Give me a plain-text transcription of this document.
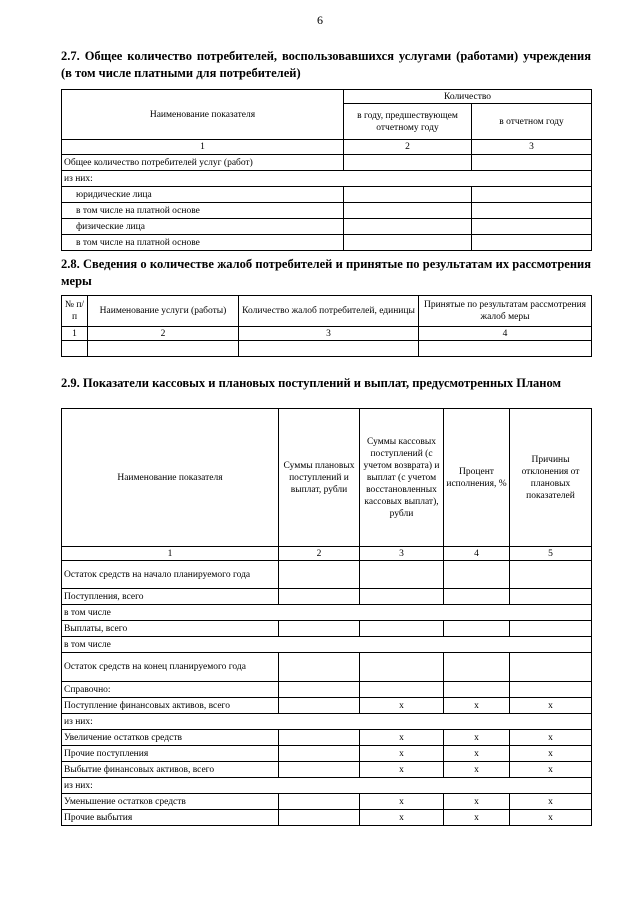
6
2.7. Общее количество потребителей, воспользовавшихся услугами (работами) учреждения (в том числе платными для потребителей)
Наименование показателя	Количество	
	в году, предшествующем отчетному году	в отчетном году
1	2	3
Общее количество потребителей услуг (работ)		
из них:		
юридические лица		
в том числе на платной основе		
физические лица		
в том числе на платной основе		
2.8. Сведения о количестве жалоб потребителей и принятые по результатам их рассмотрения меры
№ п/п	Наименование услуги (работы)	Количество жалоб потребителей, единицы	Принятые по результатам рассмотрения жалоб меры
1	2	3	4

2.9. Показатели кассовых и плановых поступлений и выплат, предусмотренных Планом
Наименование показателя	Суммы плановых поступлений и выплат, рубли	Суммы кассовых поступлений (с учетом возврата) и выплат (с учетом восстановленных кассовых выплат), рубли	Процент исполнения, %	Причины отклонения от плановых показателей
1	2	3	4	5
Остаток средств на начало планируемого года				
Поступления, всего				
в том числе				
Выплаты, всего				
в том числе				
Остаток средств на конец планируемого года				
Справочно:				
Поступление финансовых активов, всего		x	x	x
из них:				
Увеличение остатков средств		x	x	x
Прочие поступления		x	x	x
Выбытие финансовых активов, всего		x	x	x
из них:				
Уменьшение остатков средств		x	x	x
Прочие выбытия		x	x	x
